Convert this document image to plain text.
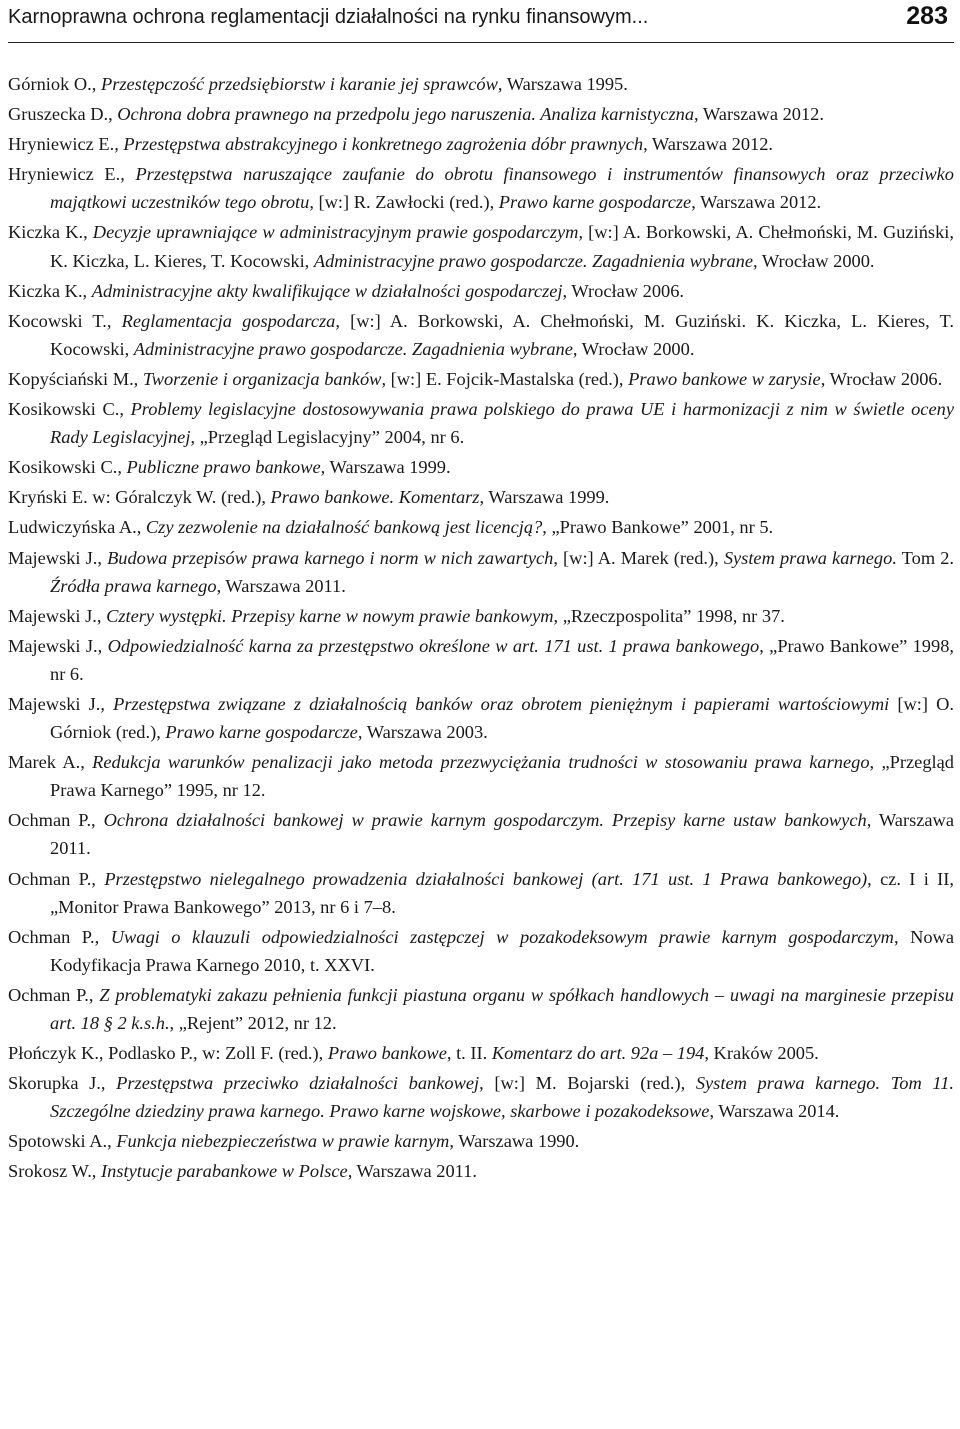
Karnoprawna ochrona reglamentacji działalności na rynku finansowym...	283

Górniok O., Przestępczość przedsiębiorstw i karanie jej sprawców, Warszawa 1995.

Gruszecka D., Ochrona dobra prawnego na przedpolu jego naruszenia. Analiza karnistyczna, Warszawa 2012.

Hryniewicz E., Przestępstwa abstrakcyjnego i konkretnego zagrożenia dóbr prawnych, Warszawa 2012.

Hryniewicz E., Przestępstwa naruszające zaufanie do obrotu finansowego i instrumentów finansowych oraz przeciwko majątkowi uczestników tego obrotu, [w:] R. Zawłocki (red.), Prawo karne gospodarcze, Warszawa 2012.

Kiczka K., Decyzje uprawniające w administracyjnym prawie gospodarczym, [w:] A. Borkowski, A. Chełmoński, M. Guziński, K. Kiczka, L. Kieres, T. Kocowski, Administracyjne prawo gospodarcze. Zagadnienia wybrane, Wrocław 2000.

Kiczka K., Administracyjne akty kwalifikujące w działalności gospodarczej, Wrocław 2006.

Kocowski T., Reglamentacja gospodarcza, [w:] A. Borkowski, A. Chełmoński, M. Guziński. K. Kiczka, L. Kieres, T. Kocowski, Administracyjne prawo gospodarcze. Zagadnienia wybrane, Wrocław 2000.

Kopyściański M., Tworzenie i organizacja banków, [w:] E. Fojcik-Mastalska (red.), Prawo bankowe w zarysie, Wrocław 2006.

Kosikowski C., Problemy legislacyjne dostosowywania prawa polskiego do prawa UE i harmonizacji z nim w świetle oceny Rady Legislacyjnej, „Przegląd Legislacyjny” 2004, nr 6.

Kosikowski C., Publiczne prawo bankowe, Warszawa 1999.

Kryński E. w: Góralczyk W. (red.), Prawo bankowe. Komentarz, Warszawa 1999.

Ludwiczyńska A., Czy zezwolenie na działalność bankową jest licencją?, „Prawo Bankowe” 2001, nr 5.

Majewski J., Budowa przepisów prawa karnego i norm w nich zawartych, [w:] A. Marek (red.), System prawa karnego. Tom 2. Źródła prawa karnego, Warszawa 2011.

Majewski J., Cztery występki. Przepisy karne w nowym prawie bankowym, „Rzeczpospolita” 1998, nr 37.

Majewski J., Odpowiedzialność karna za przestępstwo określone w art. 171 ust. 1 prawa bankowego, „Prawo Bankowe” 1998, nr 6.

Majewski J., Przestępstwa związane z działalnością banków oraz obrotem pieniężnym i papierami wartościowymi [w:] O. Górniok (red.), Prawo karne gospodarcze, Warszawa 2003.

Marek A., Redukcja warunków penalizacji jako metoda przezwyciężania trudności w stosowaniu prawa karnego, „Przegląd Prawa Karnego” 1995, nr 12.

Ochman P., Ochrona działalności bankowej w prawie karnym gospodarczym. Przepisy karne ustaw bankowych, Warszawa 2011.

Ochman P., Przestępstwo nielegalnego prowadzenia działalności bankowej (art. 171 ust. 1 Prawa bankowego), cz. I i II, „Monitor Prawa Bankowego” 2013, nr 6 i 7–8.

Ochman P., Uwagi o klauzuli odpowiedzialności zastępczej w pozakodeksowym prawie karnym gospodarczym, Nowa Kodyfikacja Prawa Karnego 2010, t. XXVI.

Ochman P., Z problematyki zakazu pełnienia funkcji piastuna organu w spółkach handlowych – uwagi na marginesie przepisu art. 18 § 2 k.s.h., „Rejent” 2012, nr 12.

Płończyk K., Podlasko P., w: Zoll F. (red.), Prawo bankowe, t. II. Komentarz do art. 92a – 194, Kraków 2005.

Skorupka J., Przestępstwa przeciwko działalności bankowej, [w:] M. Bojarski (red.), System prawa karnego. Tom 11. Szczególne dziedziny prawa karnego. Prawo karne wojskowe, skarbowe i pozakodeksowe, Warszawa 2014.

Spotowski A., Funkcja niebezpieczeństwa w prawie karnym, Warszawa 1990.

Srokosz W., Instytucje parabankowe w Polsce, Warszawa 2011.
